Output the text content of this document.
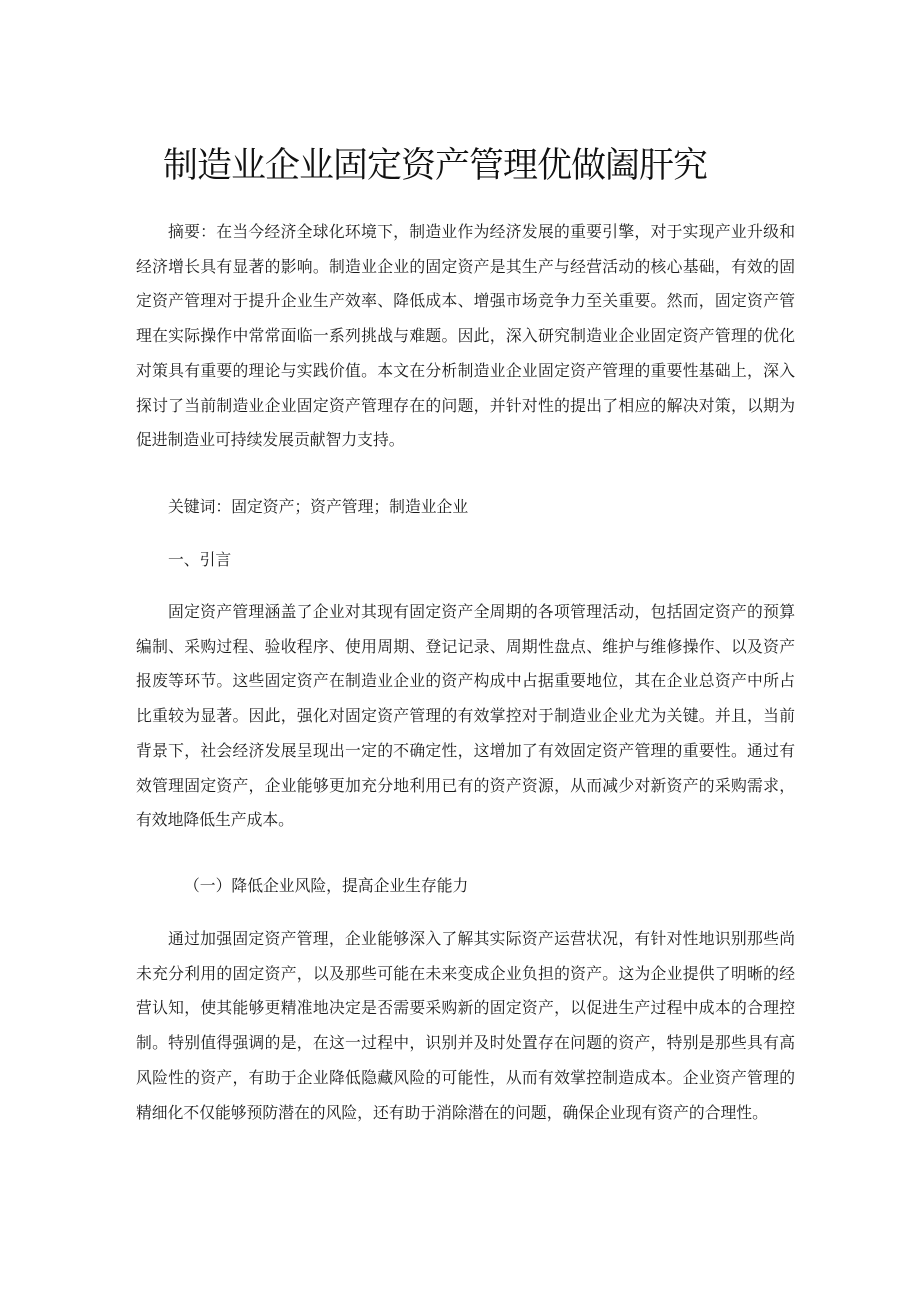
制造业企业固定资产管理优做阖肝究

摘要：在当今经济全球化环境下，制造业作为经济发展的重要引擎，对于实现产业升级和经济增长具有显著的影响。制造业企业的固定资产是其生产与经营活动的核心基础，有效的固定资产管理对于提升企业生产效率、降低成本、增强市场竞争力至关重要。然而，固定资产管理在实际操作中常常面临一系列挑战与难题。因此，深入研究制造业企业固定资产管理的优化对策具有重要的理论与实践价值。本文在分析制造业企业固定资产管理的重要性基础上，深入探讨了当前制造业企业固定资产管理存在的问题，并针对性的提出了相应的解决对策，以期为促进制造业可持续发展贡献智力支持。

关键词：固定资产；资产管理；制造业企业
一、引言

固定资产管理涵盖了企业对其现有固定资产全周期的各项管理活动，包括固定资产的预算编制、采购过程、验收程序、使用周期、登记记录、周期性盘点、维护与维修操作、以及资产报废等环节。这些固定资产在制造业企业的资产构成中占据重要地位，其在企业总资产中所占比重较为显著。因此，强化对固定资产管理的有效掌控对于制造业企业尤为关键。并且，当前背景下，社会经济发展呈现出一定的不确定性，这增加了有效固定资产管理的重要性。通过有效管理固定资产，企业能够更加充分地利用已有的资产资源，从而减少对新资产的采购需求，有效地降低生产成本。

（一）降低企业风险，提高企业生存能力

通过加强固定资产管理，企业能够深入了解其实际资产运营状况，有针对性地识别那些尚未充分利用的固定资产，以及那些可能在未来变成企业负担的资产。这为企业提供了明晰的经营认知，使其能够更精准地决定是否需要采购新的固定资产，以促进生产过程中成本的合理控制。特别值得强调的是，在这一过程中，识别并及时处置存在问题的资产，特别是那些具有高风险性的资产，有助于企业降低隐藏风险的可能性，从而有效掌控制造成本。企业资产管理的精细化不仅能够预防潜在的风险，还有助于消除潜在的问题，确保企业现有资产的合理性。
